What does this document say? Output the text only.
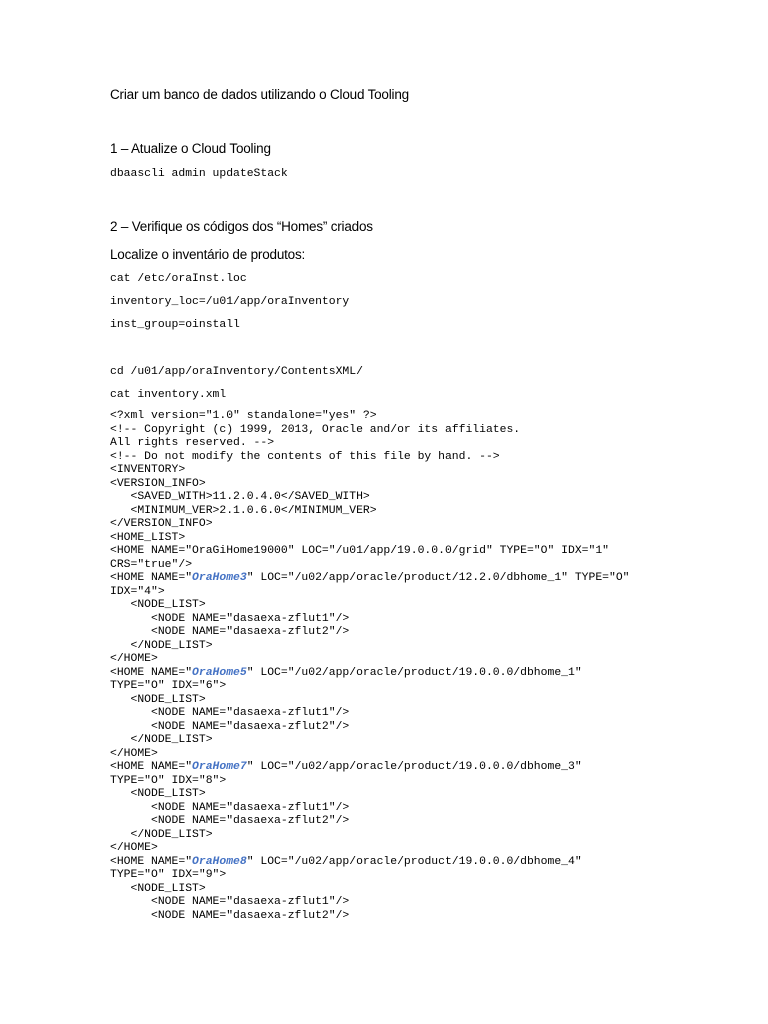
Criar um banco de dados utilizando o Cloud Tooling
1 – Atualize o Cloud Tooling
dbaascli admin updateStack
2 – Verifique os códigos dos “Homes” criados
Localize o inventário de produtos:
cat /etc/oraInst.loc
inventory_loc=/u01/app/oraInventory
inst_group=oinstall
cd /u01/app/oraInventory/ContentsXML/
cat inventory.xml
<?xml version="1.0" standalone="yes" ?>
<!-- Copyright (c) 1999, 2013, Oracle and/or its affiliates.
All rights reserved. -->
<!-- Do not modify the contents of this file by hand. -->
<INVENTORY>
<VERSION_INFO>
<SAVED_WITH>11.2.0.4.0</SAVED_WITH>
<MINIMUM_VER>2.1.0.6.0</MINIMUM_VER>
</VERSION_INFO>
<HOME_LIST>
<HOME NAME="OraGiHome19000" LOC="/u01/app/19.0.0.0/grid" TYPE="O" IDX="1"
CRS="true"/>
<HOME NAME="OraHome3" LOC="/u02/app/oracle/product/12.2.0/dbhome_1" TYPE="O"
IDX="4">
<NODE_LIST>
<NODE NAME="dasaexa-zflut1"/>
<NODE NAME="dasaexa-zflut2"/>
</NODE_LIST>
</HOME>
<HOME NAME="OraHome5" LOC="/u02/app/oracle/product/19.0.0.0/dbhome_1"
TYPE="O" IDX="6">
<NODE_LIST>
<NODE NAME="dasaexa-zflut1"/>
<NODE NAME="dasaexa-zflut2"/>
</NODE_LIST>
</HOME>
<HOME NAME="OraHome7" LOC="/u02/app/oracle/product/19.0.0.0/dbhome_3"
TYPE="O" IDX="8">
<NODE_LIST>
<NODE NAME="dasaexa-zflut1"/>
<NODE NAME="dasaexa-zflut2"/>
</NODE_LIST>
</HOME>
<HOME NAME="OraHome8" LOC="/u02/app/oracle/product/19.0.0.0/dbhome_4"
TYPE="O" IDX="9">
<NODE_LIST>
<NODE NAME="dasaexa-zflut1"/>
<NODE NAME="dasaexa-zflut2"/>
